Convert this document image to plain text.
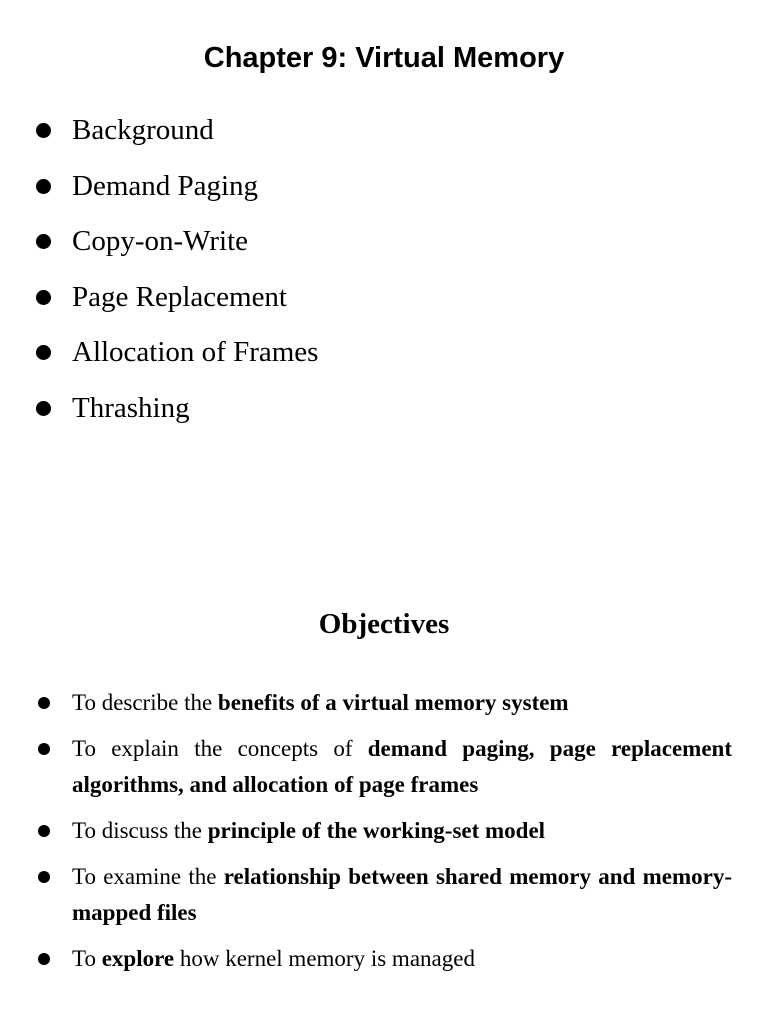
Chapter 9: Virtual Memory
Background
Demand Paging
Copy-on-Write
Page Replacement
Allocation of Frames
Thrashing
Objectives
To describe the benefits of a virtual memory system
To explain the concepts of demand paging, page replacement algorithms, and allocation of page frames
To discuss the principle of the working-set model
To examine the relationship between shared memory and memory-mapped files
To explore how kernel memory is managed
